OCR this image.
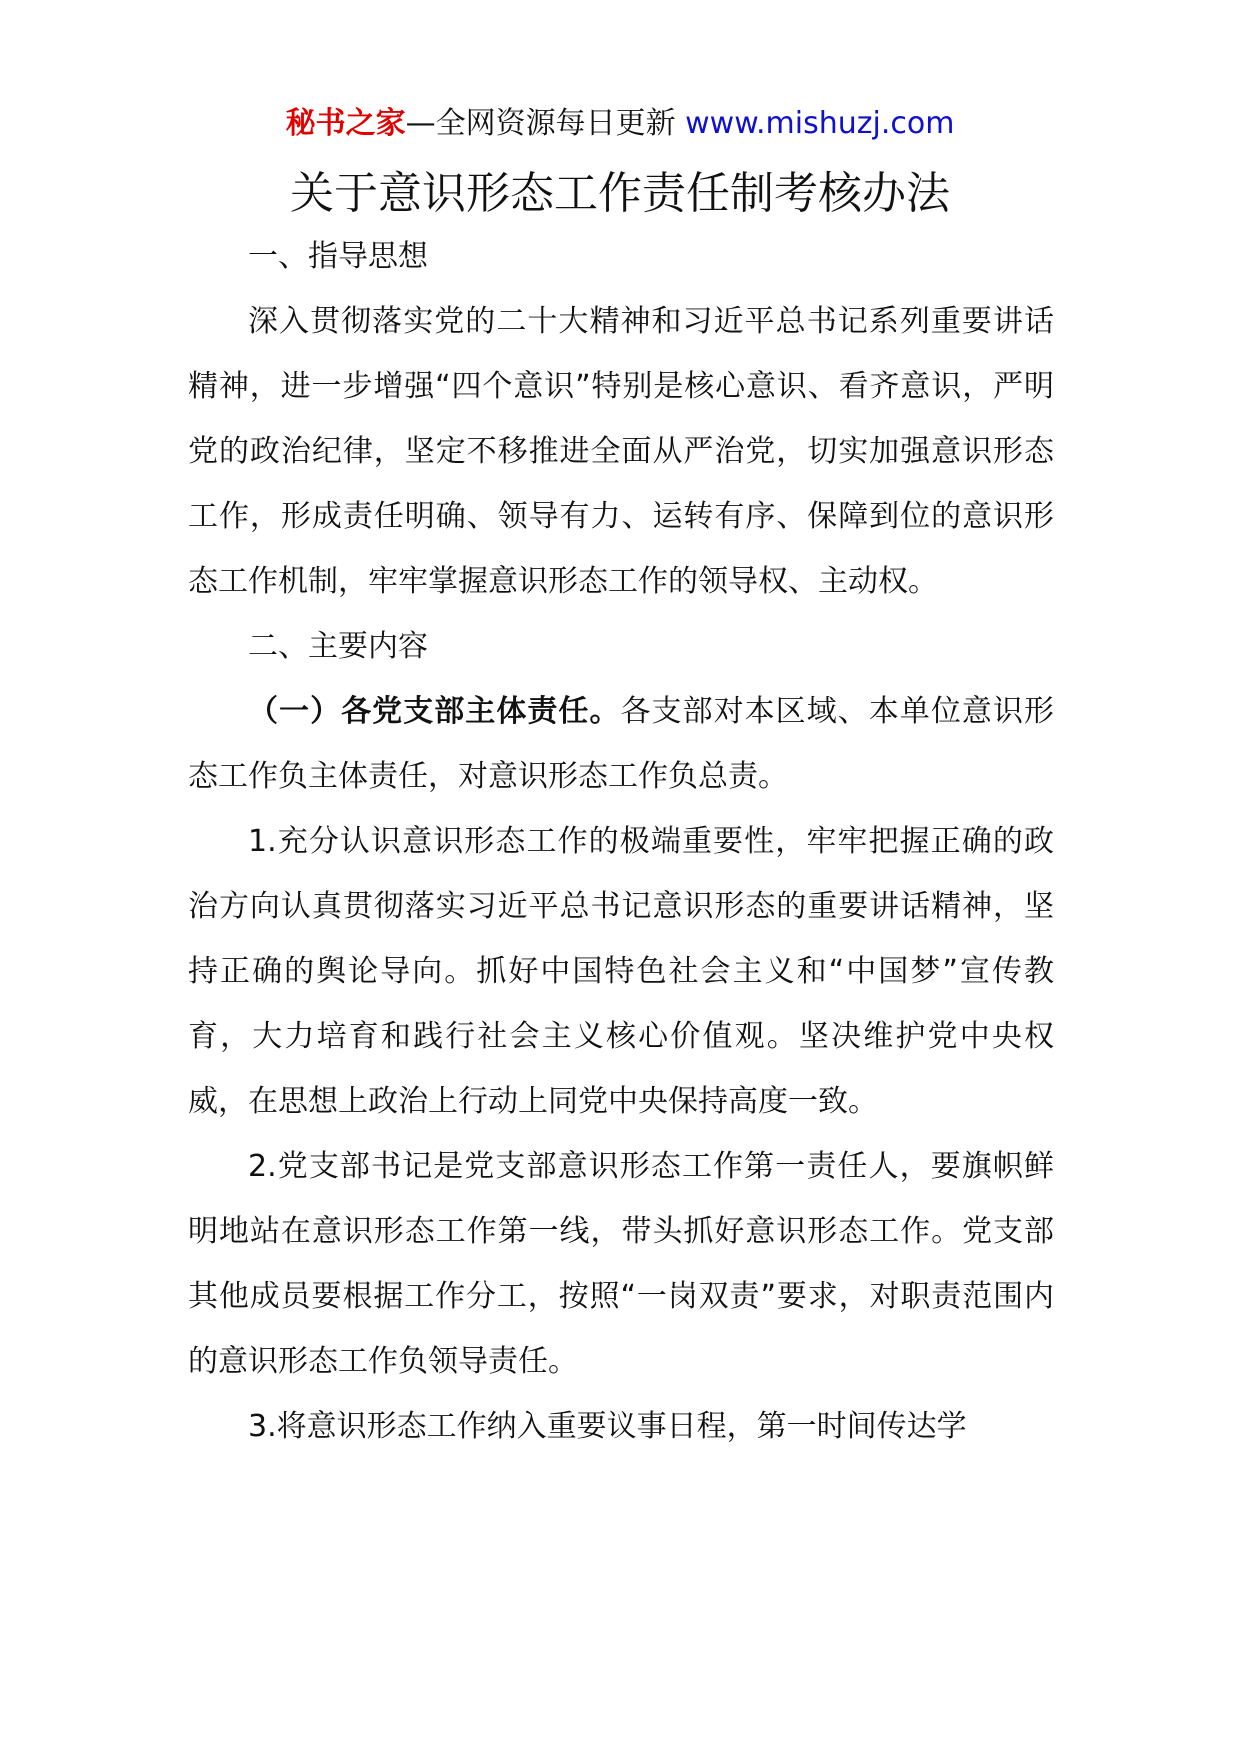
秘书之家—全网资源每日更新 www.mishuzj.com
关于意识形态工作责任制考核办法

一、指导思想

深入贯彻落实党的二十大精神和习近平总书记系列重要讲话精神，进一步增强“四个意识”特别是核心意识、看齐意识，严明党的政治纪律，坚定不移推进全面从严治党，切实加强意识形态工作，形成责任明确、领导有力、运转有序、保障到位的意识形态工作机制，牢牢掌握意识形态工作的领导权、主动权。

二、主要内容

（一）各党支部主体责任。各支部对本区域、本单位意识形态工作负主体责任，对意识形态工作负总责。

1.充分认识意识形态工作的极端重要性，牢牢把握正确的政治方向认真贯彻落实习近平总书记意识形态的重要讲话精神，坚持正确的舆论导向。抓好中国特色社会主义和“中国梦”宣传教育，大力培育和践行社会主义核心价值观。坚决维护党中央权威，在思想上政治上行动上同党中央保持高度一致。

2.党支部书记是党支部意识形态工作第一责任人，要旗帜鲜明地站在意识形态工作第一线，带头抓好意识形态工作。党支部其他成员要根据工作分工，按照“一岗双责”要求，对职责范围内的意识形态工作负领导责任。

3.将意识形态工作纳入重要议事日程，第一时间传达学
